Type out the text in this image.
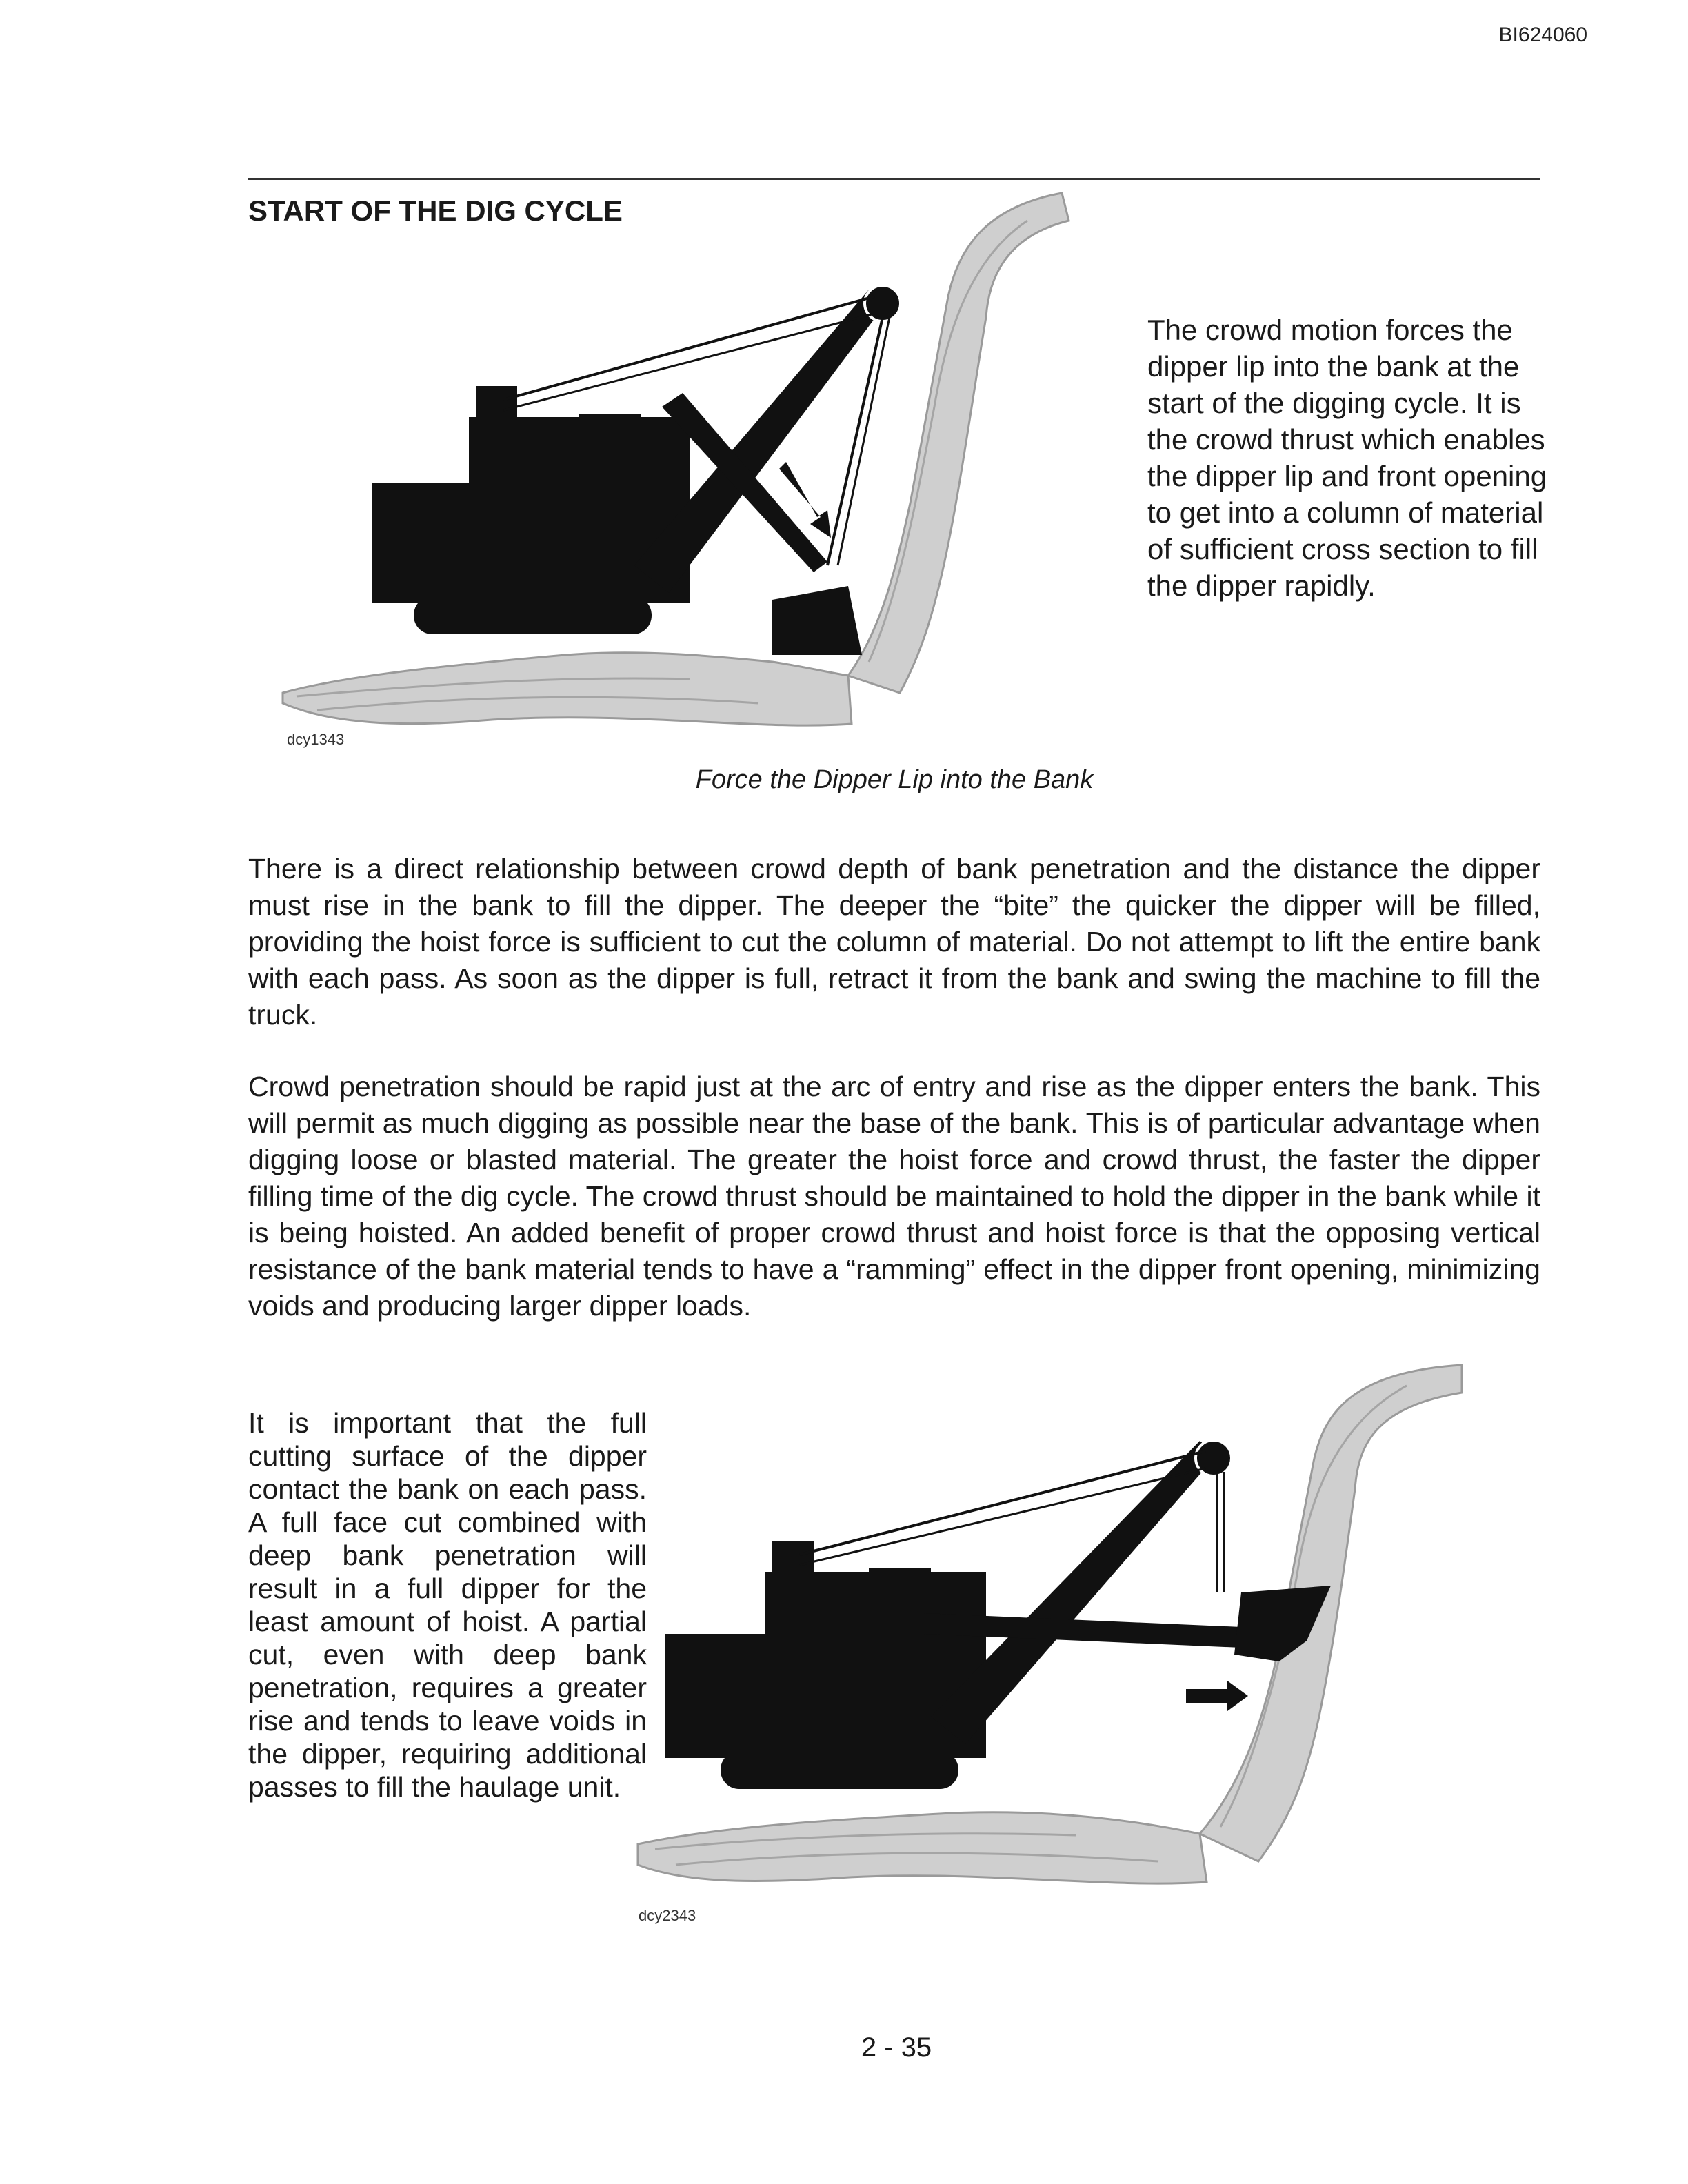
BI624060
START OF THE DIG CYCLE
dcy1343
The crowd motion forces the dipper lip into the bank at the start of the digging cycle. It is the crowd thrust which enables the dipper lip and front opening to get into a column of material of sufficient cross section to fill the dipper rapidly.
Force the Dipper Lip into the Bank
There is a direct relationship between crowd depth of bank penetration and the distance the dipper must rise in the bank to fill the dipper. The deeper the “bite” the quicker the dipper will be filled, providing the hoist force is sufficient to cut the column of material. Do not attempt to lift the entire bank with each pass. As soon as the dipper is full, retract it from the bank and swing the machine to fill the truck.
Crowd penetration should be rapid just at the arc of entry and rise as the dipper enters the bank. This will permit as much digging as possible near the base of the bank. This is of particular advantage when digging loose or blasted material. The greater the hoist force and crowd thrust, the faster the dipper filling time of the dig cycle. The crowd thrust should be maintained to hold the dipper in the bank while it is being hoisted. An added benefit of proper crowd thrust and hoist force is that the opposing vertical resistance of the bank material tends to have a “ramming” effect in the dipper front opening, minimizing voids and producing larger dipper loads.
It is important that the full cutting surface of the dipper contact the bank on each pass. A full face cut combined with deep bank penetration will result in a full dipper for the least amount of hoist. A partial cut, even with deep bank penetration, requires a greater rise and tends to leave voids in the dipper, requiring additional passes to fill the haulage unit.
dcy2343
2 - 35
